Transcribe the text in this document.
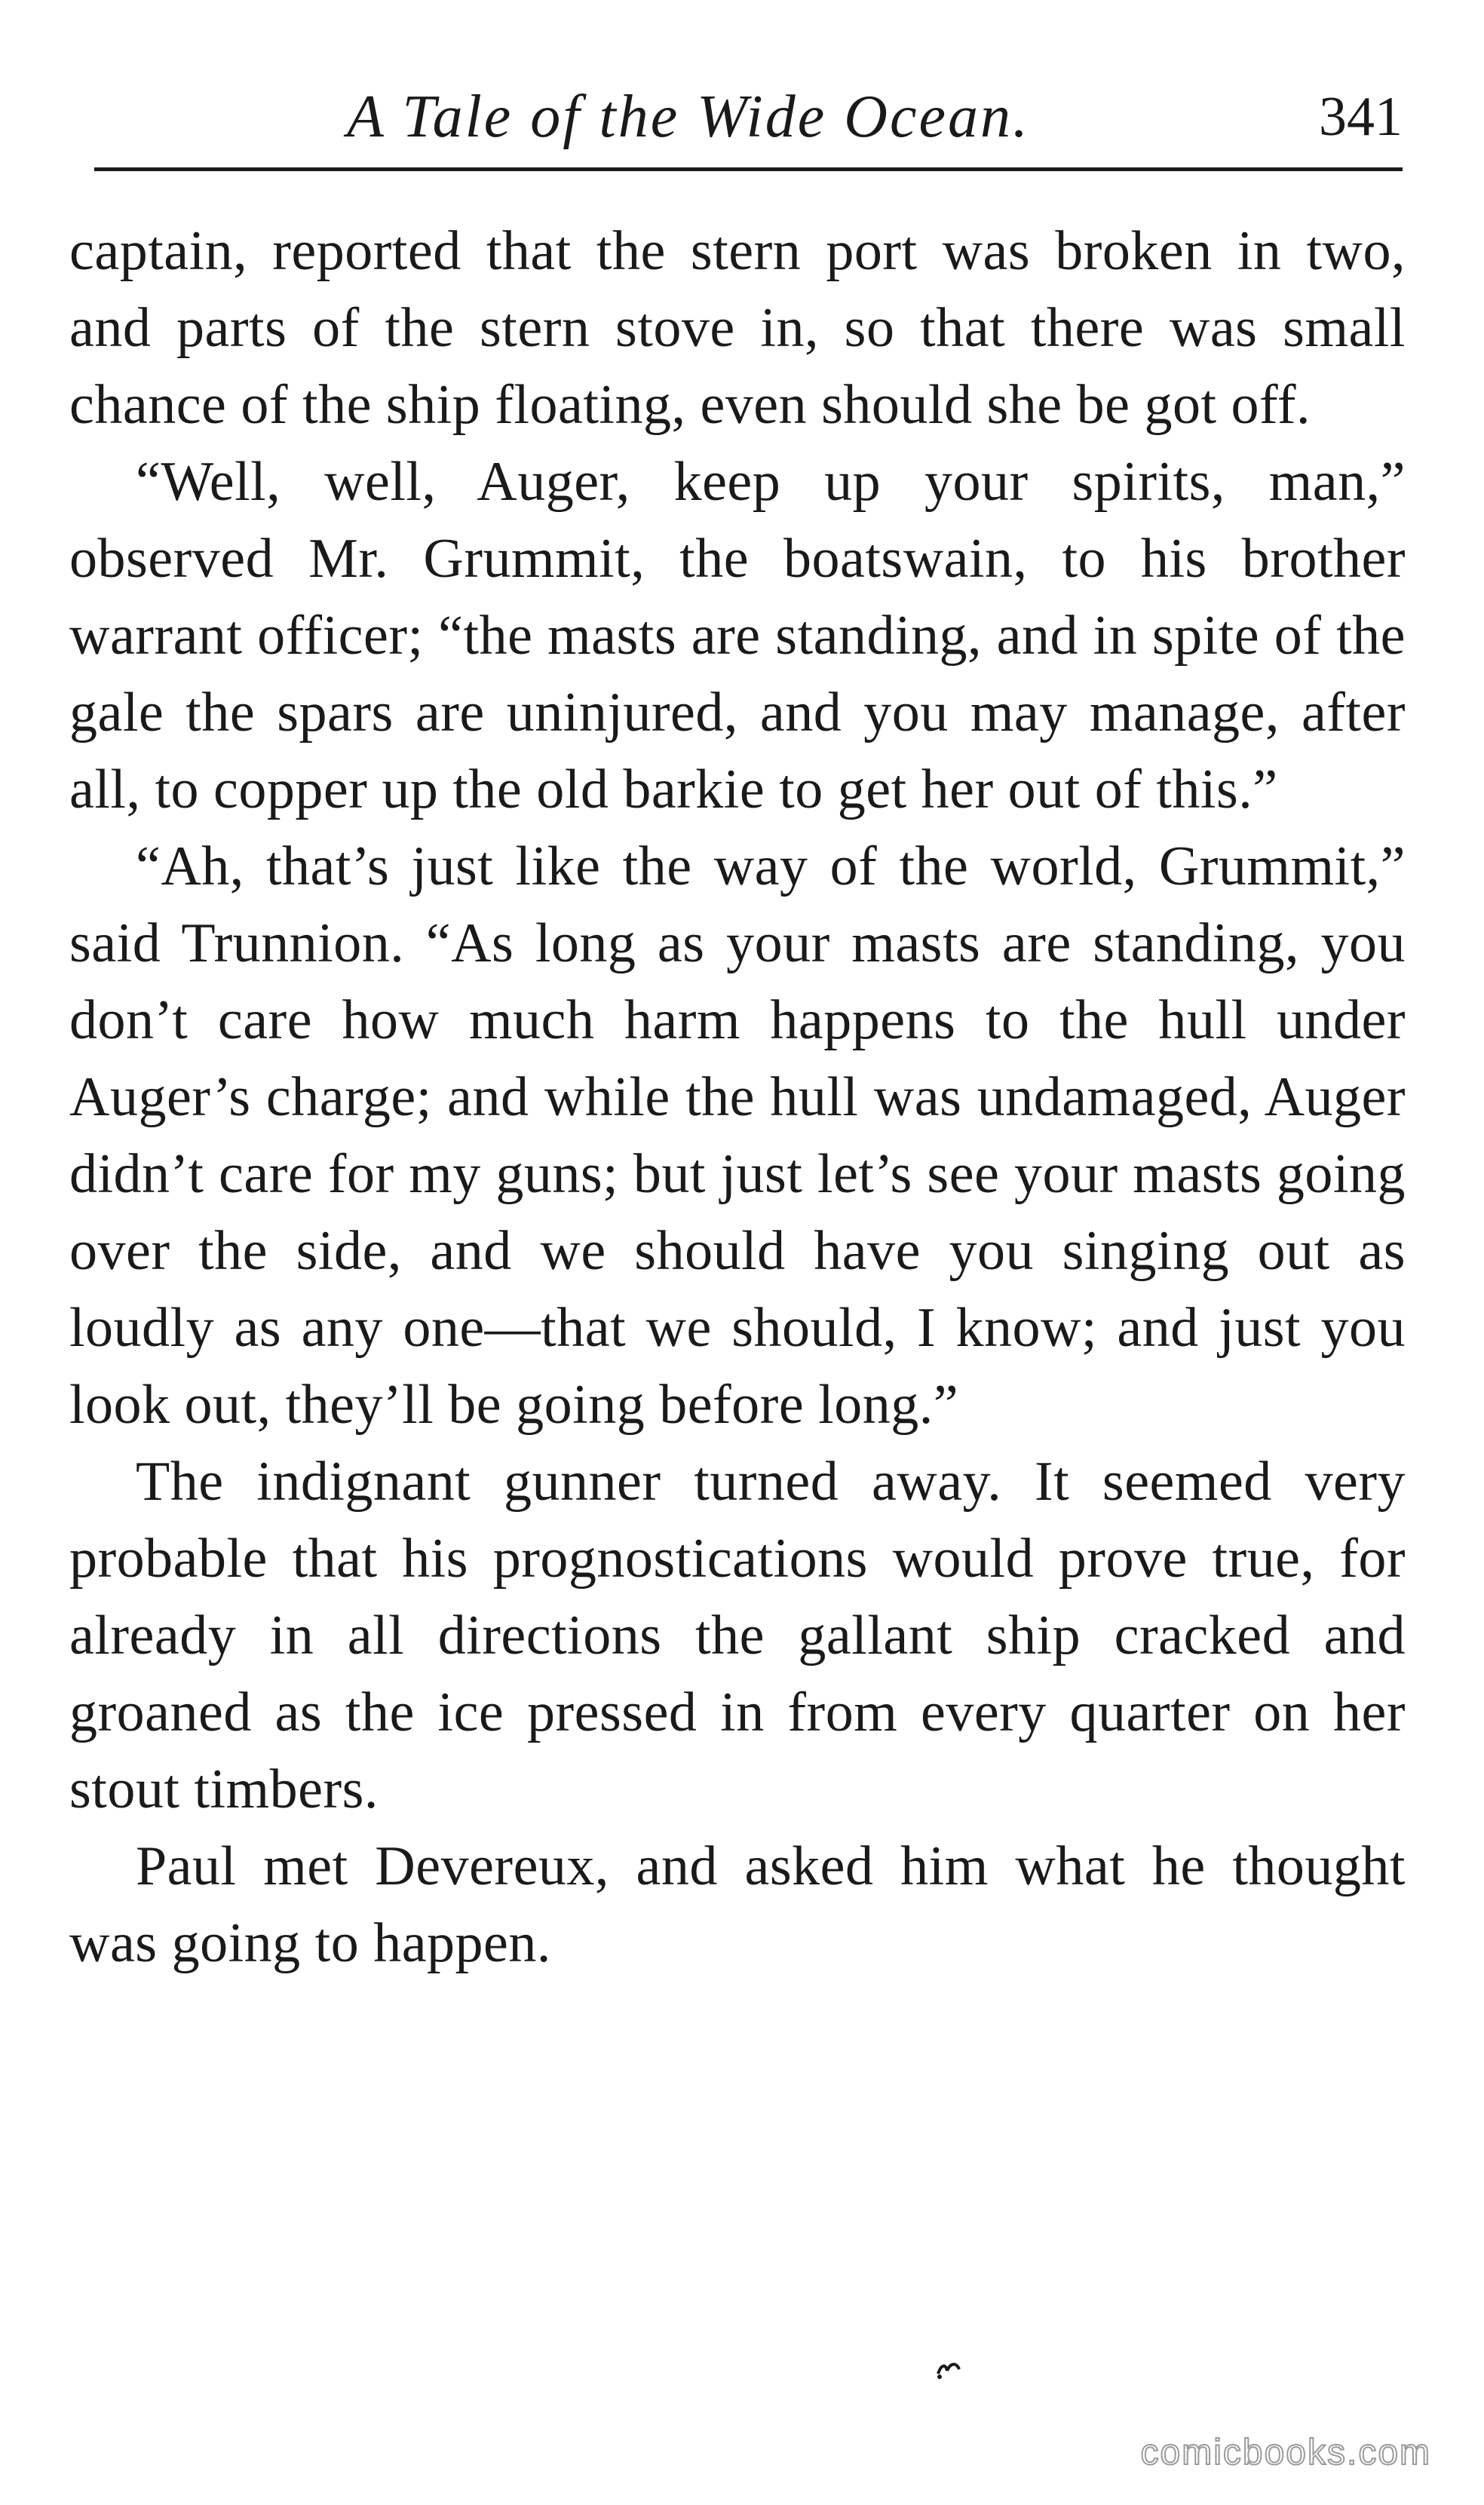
A Tale of the Wide Ocean.	341

captain, reported that the stern port was broken in two, and parts of the stern stove in, so that there was small chance of the ship floating, even should she be got off.

“Well, well, Auger, keep up your spirits, man,” observed Mr. Grummit, the boatswain, to his brother warrant officer; “the masts are standing, and in spite of the gale the spars are uninjured, and you may manage, after all, to copper up the old barkie to get her out of this.”

“Ah, that’s just like the way of the world, Grummit,” said Trunnion. “As long as your masts are standing, you don’t care how much harm happens to the hull under Auger’s charge; and while the hull was undamaged, Auger didn’t care for my guns; but just let’s see your masts going over the side, and we should have you singing out as loudly as any one—that we should, I know; and just you look out, they’ll be going before long.”

The indignant gunner turned away. It seemed very probable that his prognostications would prove true, for already in all directions the gallant ship cracked and groaned as the ice pressed in from every quarter on her stout timbers.

Paul met Devereux, and asked him what he thought was going to happen.

comicbooks.com
